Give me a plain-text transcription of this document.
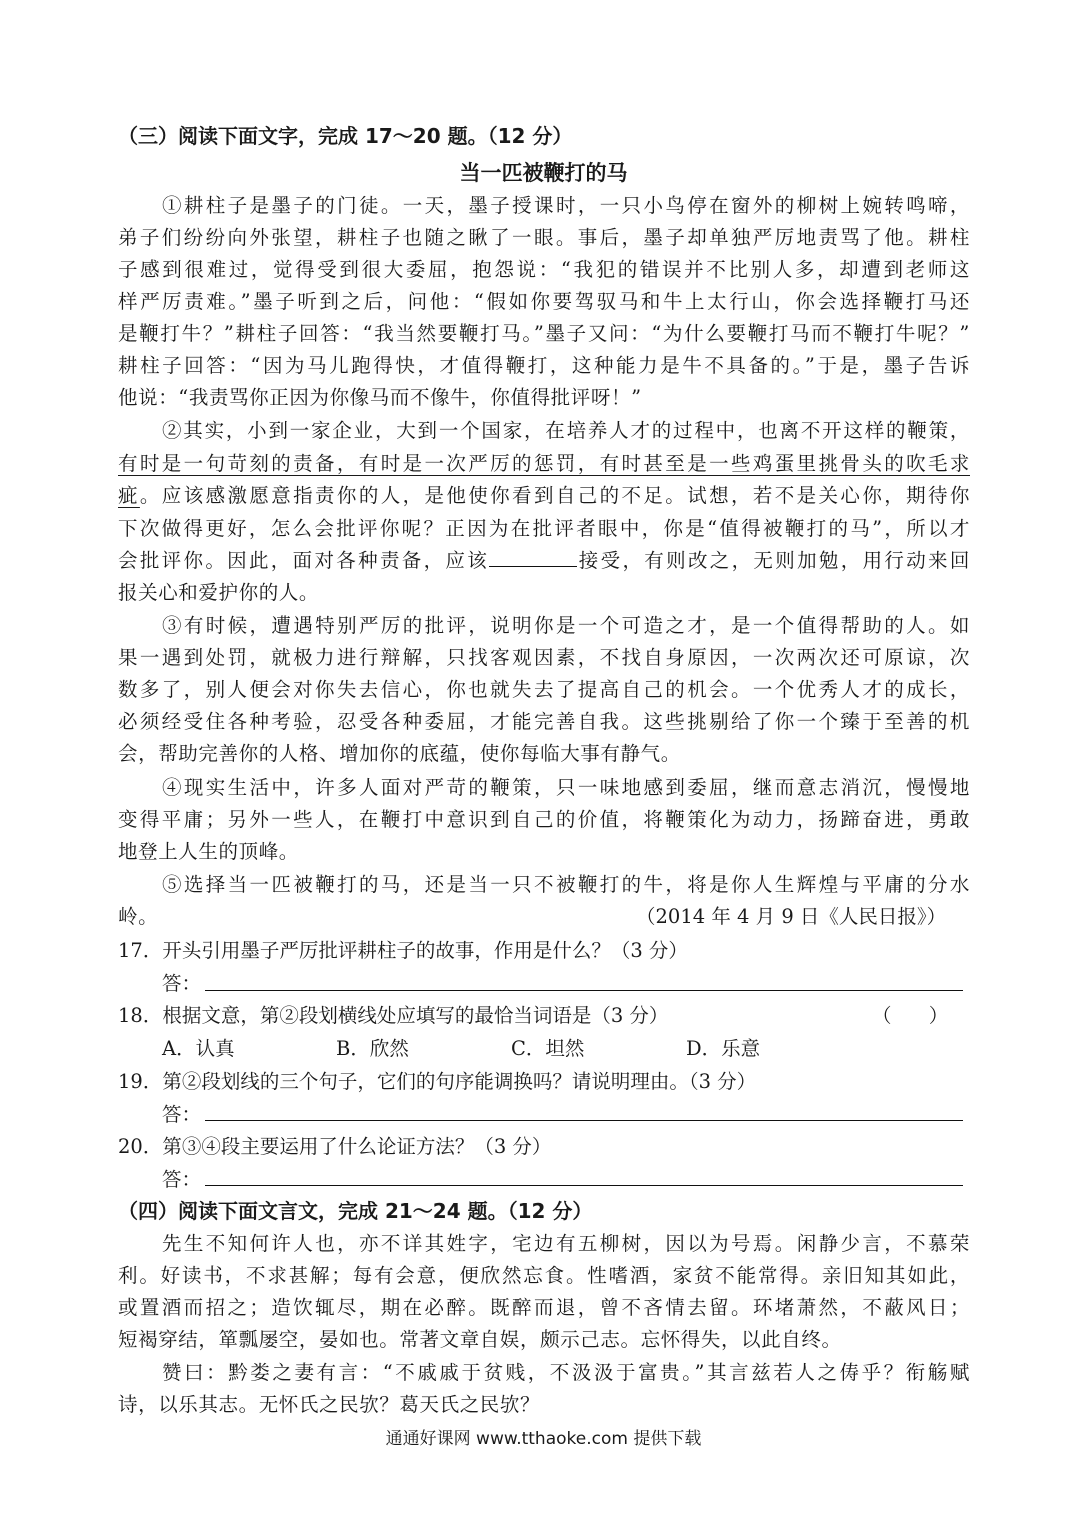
（三）阅读下面文字，完成 17～20 题。（12 分）
当一匹被鞭打的马
①耕柱子是墨子的门徒。一天，墨子授课时，一只小鸟停在窗外的柳树上婉转鸣啼，
弟子们纷纷向外张望，耕柱子也随之瞅了一眼。事后，墨子却单独严厉地责骂了他。耕柱
子感到很难过，觉得受到很大委屈，抱怨说：“我犯的错误并不比别人多，却遭到老师这
样严厉责难。”墨子听到之后，问他：“假如你要驾驭马和牛上太行山，你会选择鞭打马还
是鞭打牛？”耕柱子回答：“我当然要鞭打马。”墨子又问：“为什么要鞭打马而不鞭打牛呢？”
耕柱子回答：“因为马儿跑得快，才值得鞭打，这种能力是牛不具备的。”于是，墨子告诉
他说：“我责骂你正因为你像马而不像牛，你值得批评呀！”
②其实，小到一家企业，大到一个国家，在培养人才的过程中，也离不开这样的鞭策，
有时是一句苛刻的责备，有时是一次严厉的惩罚，有时甚至是一些鸡蛋里挑骨头的吹毛求
疵。应该感激愿意指责你的人，是他使你看到自己的不足。试想，若不是关心你，期待你
下次做得更好，怎么会批评你呢？正因为在批评者眼中，你是“值得被鞭打的马”，所以才
会批评你。因此，面对各种责备，应该	接受，有则改之，无则加勉，用行动来回
报关心和爱护你的人。
③有时候，遭遇特别严厉的批评，说明你是一个可造之才，是一个值得帮助的人。如
果一遇到处罚，就极力进行辩解，只找客观因素，不找自身原因，一次两次还可原谅，次
数多了，别人便会对你失去信心，你也就失去了提高自己的机会。一个优秀人才的成长，
必须经受住各种考验，忍受各种委屈，才能完善自我。这些挑剔给了你一个臻于至善的机
会，帮助完善你的人格、增加你的底蕴，使你每临大事有静气。
④现实生活中，许多人面对严苛的鞭策，只一味地感到委屈，继而意志消沉，慢慢地
变得平庸；另外一些人，在鞭打中意识到自己的价值，将鞭策化为动力，扬蹄奋进，勇敢
地登上人生的顶峰。
⑤选择当一匹被鞭打的马，还是当一只不被鞭打的牛，将是你人生辉煌与平庸的分水
岭。	（2014 年 4 月 9 日《人民日报》）
17．开头引用墨子严厉批评耕柱子的故事，作用是什么？（3 分）
答：
18．根据文意，第②段划横线处应填写的最恰当词语是（3 分）	（      ）
A．认真	B．欣然	C．坦然	D．乐意
19．第②段划线的三个句子，它们的句序能调换吗？请说明理由。（3 分）
答：
20．第③④段主要运用了什么论证方法？（3 分）
答：
（四）阅读下面文言文，完成 21～24 题。（12 分）
先生不知何许人也，亦不详其姓字，宅边有五柳树，因以为号焉。闲静少言，不慕荣
利。好读书，不求甚解；每有会意，便欣然忘食。性嗜酒，家贫不能常得。亲旧知其如此，
或置酒而招之；造饮辄尽，期在必醉。既醉而退，曾不吝情去留。环堵萧然，不蔽风日；
短褐穿结，箪瓢屡空，晏如也。常著文章自娱，颇示己志。忘怀得失，以此自终。
赞曰：黔娄之妻有言：“不戚戚于贫贱，不汲汲于富贵。”其言兹若人之俦乎？衔觞赋
诗，以乐其志。无怀氏之民欤？葛天氏之民欤？
通通好课网 www.tthaoke.com 提供下载
